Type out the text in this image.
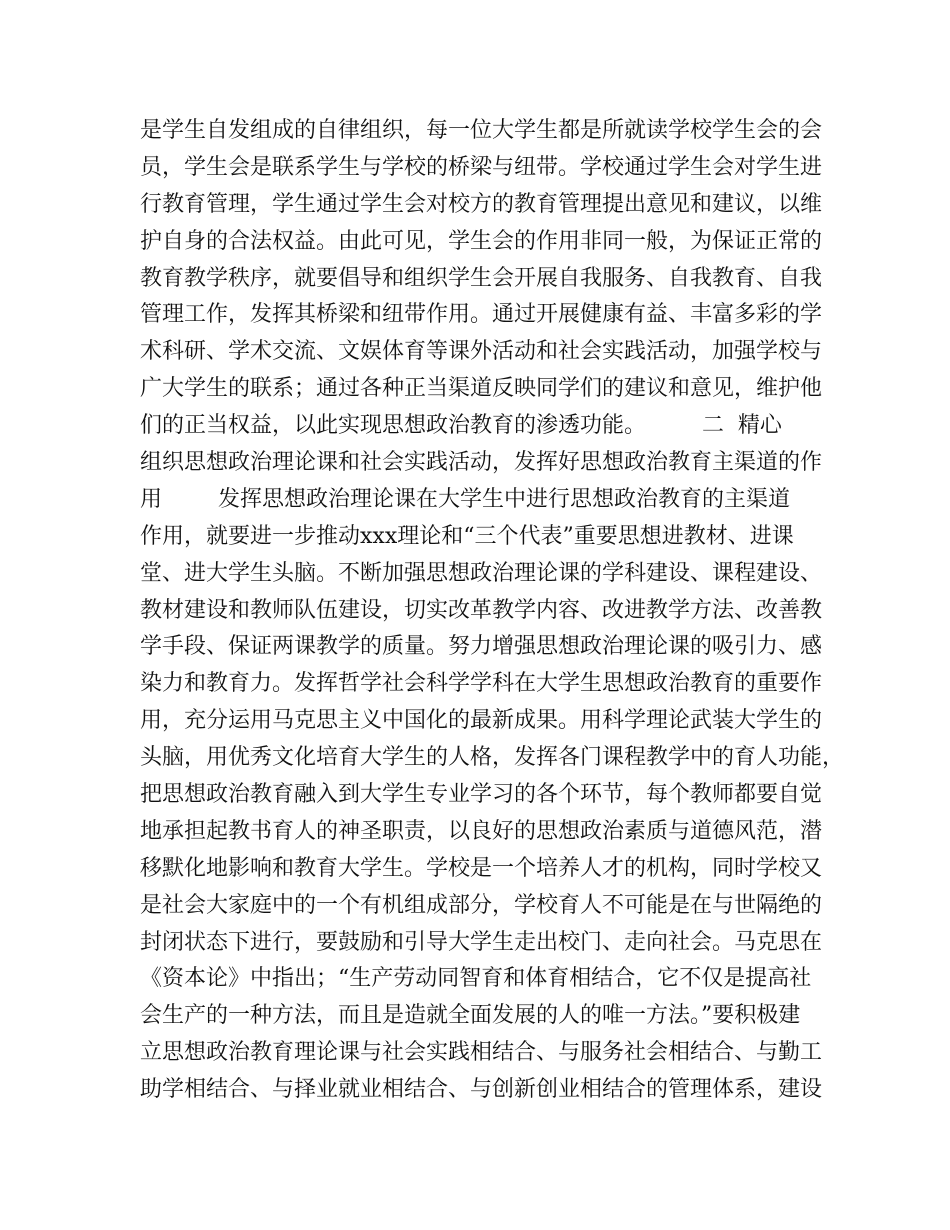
是学生自发组成的自律组织，每一位大学生都是所就读学校学生会的会
员，学生会是联系学生与学校的桥梁与纽带。学校通过学生会对学生进
行教育管理，学生通过学生会对校方的教育管理提出意见和建议，以维
护自身的合法权益。由此可见，学生会的作用非同一般，为保证正常的
教育教学秩序，就要倡导和组织学生会开展自我服务、自我教育、自我
管理工作，发挥其桥梁和纽带作用。通过开展健康有益、丰富多彩的学
术科研、学术交流、文娱体育等课外活动和社会实践活动，加强学校与
广大学生的联系；通过各种正当渠道反映同学们的建议和意见，维护他
们的正当权益，以此实现思想政治教育的渗透功能。        二  精心
组织思想政治理论课和社会实践活动，发挥好思想政治教育主渠道的作
用        发挥思想政治理论课在大学生中进行思想政治教育的主渠道
作用，就要进一步推动xxx理论和“三个代表”重要思想进教材、进课
堂、进大学生头脑。不断加强思想政治理论课的学科建设、课程建设、
教材建设和教师队伍建设，切实改革教学内容、改进教学方法、改善教
学手段、保证两课教学的质量。努力增强思想政治理论课的吸引力、感
染力和教育力。发挥哲学社会科学学科在大学生思想政治教育的重要作
用，充分运用马克思主义中国化的最新成果。用科学理论武装大学生的
头脑，用优秀文化培育大学生的人格，发挥各门课程教学中的育人功能，
把思想政治教育融入到大学生专业学习的各个环节，每个教师都要自觉
地承担起教书育人的神圣职责，以良好的思想政治素质与道德风范，潜
移默化地影响和教育大学生。学校是一个培养人才的机构，同时学校又
是社会大家庭中的一个有机组成部分，学校育人不可能是在与世隔绝的
封闭状态下进行，要鼓励和引导大学生走出校门、走向社会。马克思在
《资本论》中指出；“生产劳动同智育和体育相结合，它不仅是提高社
会生产的一种方法，而且是造就全面发展的人的唯一方法。”要积极建
立思想政治教育理论课与社会实践相结合、与服务社会相结合、与勤工
助学相结合、与择业就业相结合、与创新创业相结合的管理体系，建设
